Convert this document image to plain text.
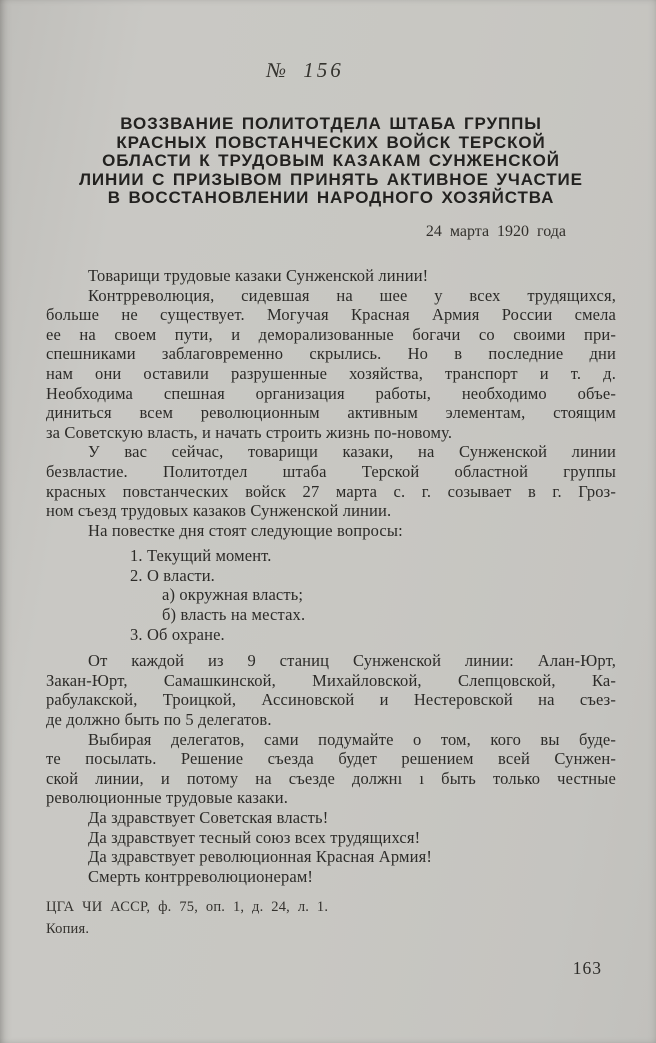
№ 156
ВОЗЗВАНИЕ ПОЛИТОТДЕЛА ШТАБА ГРУППЫ
КРАСНЫХ ПОВСТАНЧЕСКИХ ВОЙСК ТЕРСКОЙ
ОБЛАСТИ К ТРУДОВЫМ КАЗАКАМ СУНЖЕНСКОЙ
ЛИНИИ С ПРИЗЫВОМ ПРИНЯТЬ АКТИВНОЕ УЧАСТИЕ
В ВОССТАНОВЛЕНИИ НАРОДНОГО ХОЗЯЙСТВА
24 марта 1920 года
Товарищи трудовые казаки Сунженской линии!
Контрреволюция, сидевшая на шее у всех трудящихся,
больше не существует. Могучая Красная Армия России смела
ее на своем пути, и деморализованные богачи со своими при-
спешниками заблаговременно скрылись. Но в последние дни
нам они оставили разрушенные хозяйства, транспорт и т. д.
Необходима спешная организация работы, необходимо объе-
диниться всем революционным активным элементам, стоящим
за Советскую власть, и начать строить жизнь по-новому.
У вас сейчас, товарищи казаки, на Сунженской линии
безвластие. Политотдел штаба Терской областной группы
красных повстанческих войск 27 марта с. г. созывает в г. Гроз-
ном съезд трудовых казаков Сунженской линии.
На повестке дня стоят следующие вопросы:
1. Текущий момент.
2. О власти.
а) окружная власть;
б) власть на местах.
3. Об охране.
От каждой из 9 станиц Сунженской линии: Алан-Юрт,
Закан-Юрт, Самашкинской, Михайловской, Слепцовской, Ка-
рабулакской, Троицкой, Ассиновской и Нестеровской на съез-
де должно быть по 5 делегатов.
Выбирая делегатов, сами подумайте о том, кого вы буде-
те посылать. Решение съезда будет решением всей Сунжен-
ской линии, и потому на съезде должнı ı быть только честные
революционные трудовые казаки.
Да здравствует Советская власть!
Да здравствует тесный союз всех трудящихся!
Да здравствует революционная Красная Армия!
Смерть контрреволюционерам!
ЦГА ЧИ АССР, ф. 75, оп. 1, д. 24, л. 1.
Копия.
163
